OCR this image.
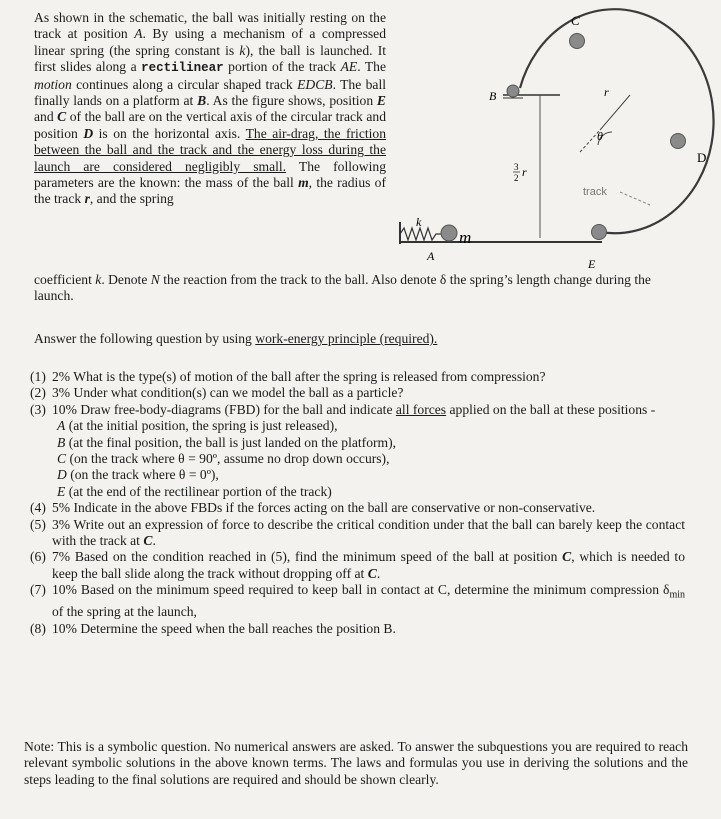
As shown in the schematic, the ball was initially resting on the track at position A. By using a mechanism of a compressed linear spring (the spring constant is k), the ball is launched. It first slides along a rectilinear portion of the track AE. The motion continues along a circular shaped track EDCB. The ball finally lands on a platform at B. As the figure shows, position E and C of the ball are on the vertical axis of the circular track and position D is on the horizontal axis. The air-drag, the friction between the ball and the track and the energy loss during the launch are considered negligibly small. The following parameters are the known: the mass of the ball m, the radius of the track r, and the spring
coefficient k. Denote N the reaction from the track to the ball. Also denote δ the spring’s length change during the launch.
Answer the following question by using work-energy principle (required).
(1) 2% What is the type(s) of motion of the ball after the spring is released from compression?
(2) 3% Under what condition(s) can we model the ball as a particle?
(3) 10% Draw free-body-diagrams (FBD) for the ball and indicate all forces applied on the ball at these positions -
A (at the initial position, the spring is just released),
B (at the final position, the ball is just landed on the platform),
C (on the track where θ = 90º, assume no drop down occurs),
D (on the track where θ = 0º),
E (at the end of the rectilinear portion of the track)
(4) 5% Indicate in the above FBDs if the forces acting on the ball are conservative or non-conservative.
(5) 3% Write out an expression of force to describe the critical condition under that the ball can barely keep the contact with the track at C.
(6) 7% Based on the condition reached in (5), find the minimum speed of the ball at position C, which is needed to keep the ball slide along the track without dropping off at C.
(7) 10% Based on the minimum speed required to keep ball in contact at C, determine the minimum compression $\delta_{min}$ of the spring at the launch,
(8) 10% Determine the speed when the ball reaches the position B.
Note: This is a symbolic question. No numerical answers are asked. To answer the subquestions you are required to reach relevant symbolic solutions in the above known terms. The laws and formulas you use in deriving the solutions and the steps leading to the final solutions are required and should be shown clearly.
C
B	r
θ
D
track
3
2 r
k
m
A
E
